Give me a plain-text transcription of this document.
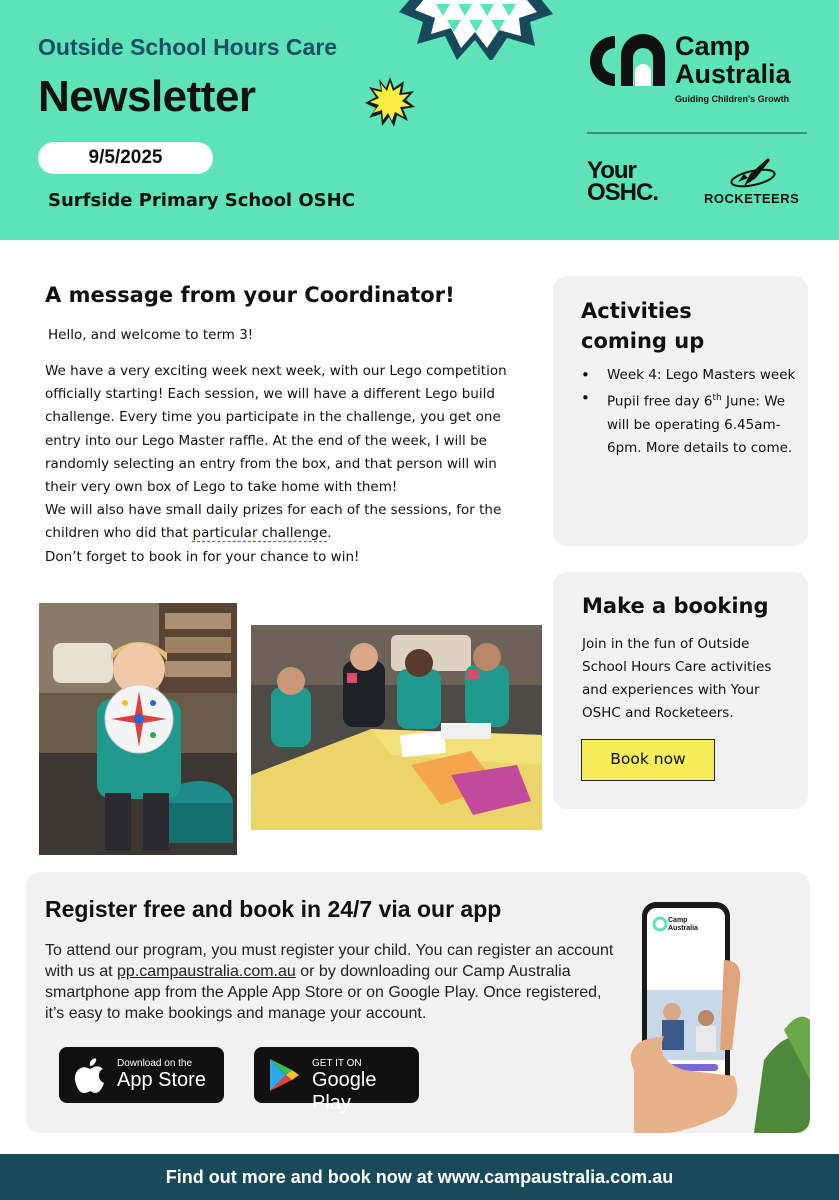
Outside School Hours Care
Newsletter
9/5/2025
Surfside Primary School OSHC
Camp
Australia
Guiding Children's Growth
Your
OSHC.	ROCKETEERS
A message from your Coordinator!
Hello, and welcome to term 3!

We have a very exciting week next week, with our Lego competition officially starting! Each session, we will have a different Lego build challenge. Every time you participate in the challenge, you get one entry into our Lego Master raffle. At the end of the week, I will be randomly selecting an entry from the box, and that person will win their very own box of Lego to take home with them!

We will also have small daily prizes for each of the sessions, for the children who did that particular challenge.

Don’t forget to book in for your chance to win!

Activities
coming up
• Week 4: Lego Masters week
• Pupil free day 6th June: We will be operating 6.45am-6pm. More details to come.
Make a booking
Join in the fun of Outside School Hours Care activities and experiences with Your OSHC and Rocketeers.
Book now
Register free and book in 24/7 via our app
To attend our program, you must register your child. You can register an account with us at pp.campaustralia.com.au or by downloading our Camp Australia smartphone app from the Apple App Store or on Google Play. Once registered, it’s easy to make bookings and manage your account.
Download on the
App Store
GET IT ON
Google Play
Camp
Australia
Find out more and book now at www.campaustralia.com.au
